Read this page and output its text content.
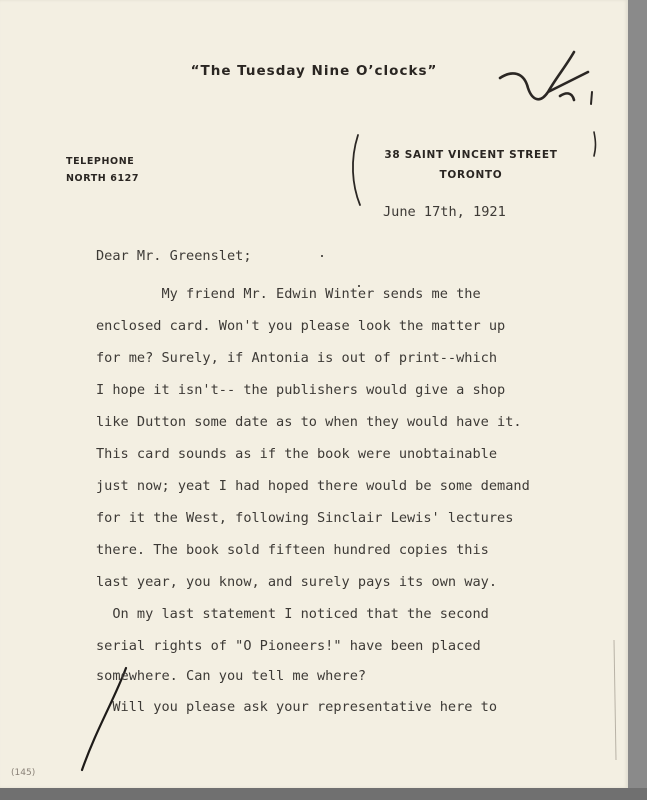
“The Tuesday Nine O’clocks”
TELEPHONE
NORTH 6127
38 SAINT VINCENT STREET
TORONTO
June 17th, 1921
Dear Mr. Greenslet;
My friend Mr. Edwin Winter sends me the
enclosed card. Won't you please look the matter up
for me? Surely, if Antonia is out of print--which
I hope it isn't-- the publishers would give a shop
like Dutton some date as to when they would have it.
This card sounds as if the book were unobtainable
just now; yeat I had hoped there would be some demand
for it the West, following Sinclair Lewis' lectures
there. The book sold fifteen hundred copies this
last year, you know, and surely pays its own way.
On my last statement I noticed that the second
serial rights of "O Pioneers!" have been placed
somewhere. Can you tell me where?
Will you please ask your representative here to
(145)
